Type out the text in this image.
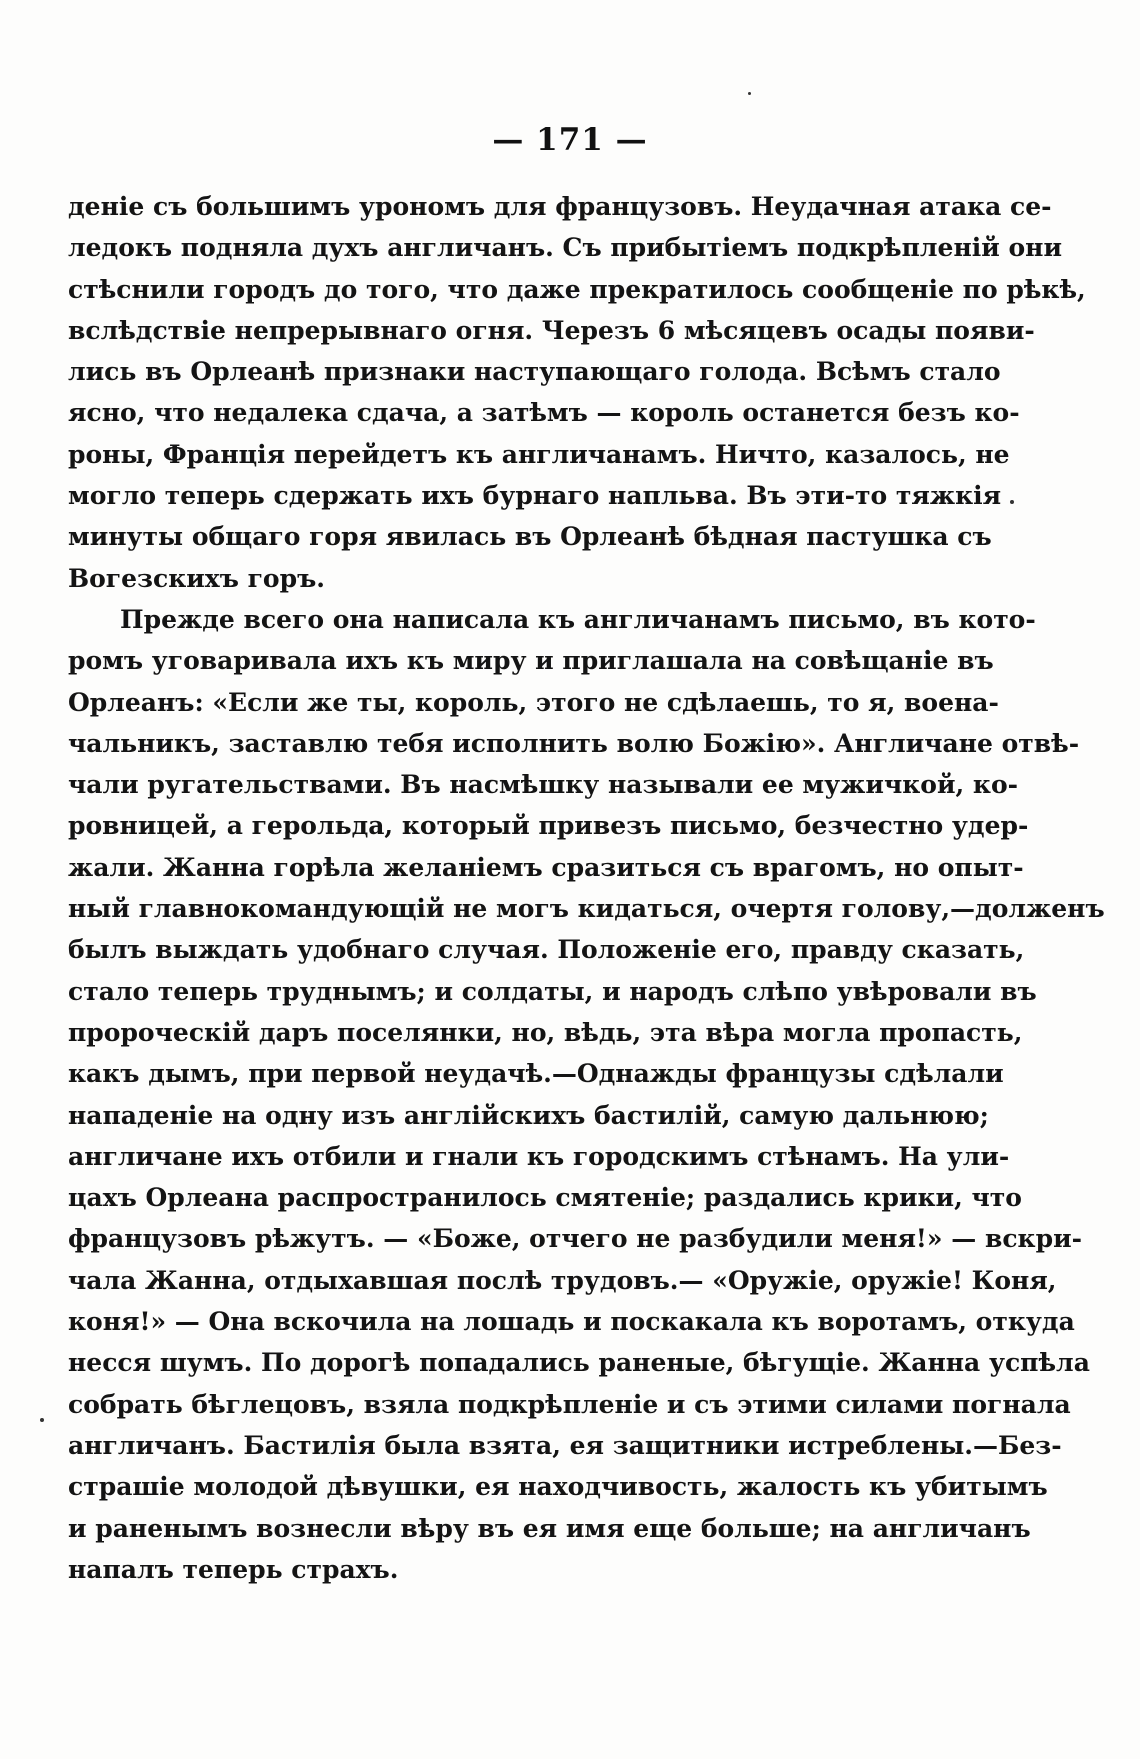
— 171 —
деніе съ большимъ урономъ для французовъ. Неудачная атака се-
ледокъ подняла духъ англичанъ. Съ прибытіемъ подкрѣпленій они
стѣснили городъ до того, что даже прекратилось сообщеніе по рѣкѣ,
вслѣдствіе непрерывнаго огня. Черезъ 6 мѣсяцевъ осады появи-
лись въ Орлеанѣ признаки наступающаго голода. Всѣмъ стало
ясно, что недалека сдача, а затѣмъ — король останется безъ ко-
роны, Франція перейдетъ къ англичанамъ. Ничто, казалось, не
могло теперь сдержать ихъ бурнаго напльва. Въ эти-то тяжкія
минуты общаго горя явилась въ Орлеанѣ бѣдная пастушка съ
Вогезскихъ горъ.
Прежде всего она написала къ англичанамъ письмо, въ кото-
ромъ уговаривала ихъ къ миру и приглашала на совѣщаніе въ
Орлеанъ: «Если же ты, король, этого не сдѣлаешь, то я, воена-
чальникъ, заставлю тебя исполнить волю Божію». Англичане отвѣ-
чали ругательствами. Въ насмѣшку называли ее мужичкой, ко-
ровницей, а герольда, который привезъ письмо, безчестно удер-
жали. Жанна горѣла желаніемъ сразиться съ врагомъ, но опыт-
ный главнокомандующій не могъ кидаться, очертя голову,—долженъ
былъ выждать удобнаго случая. Положеніе его, правду сказать,
стало теперь труднымъ; и солдаты, и народъ слѣпо увѣровали въ
пророческій даръ поселянки, но, вѣдь, эта вѣра могла пропасть,
какъ дымъ, при первой неудачѣ.—Однажды французы сдѣлали
нападеніе на одну изъ англійскихъ бастилій, самую дальнюю;
англичане ихъ отбили и гнали къ городскимъ стѣнамъ. На ули-
цахъ Орлеана распространилось смятеніе; раздались крики, что
французовъ рѣжутъ. — «Боже, отчего не разбудили меня!» — вскри-
чала Жанна, отдыхавшая послѣ трудовъ.— «Оружіе, оружіе! Коня,
коня!» — Она вскочила на лошадь и поскакала къ воротамъ, откуда
несся шумъ. По дорогѣ попадались раненые, бѣгущіе. Жанна успѣла
собрать бѣглецовъ, взяла подкрѣпленіе и съ этими силами погнала
англичанъ. Бастилія была взята, ея защитники истреблены.—Без-
страшіе молодой дѣвушки, ея находчивость, жалость къ убитымъ
и раненымъ вознесли вѣру въ ея имя еще больше; на англичанъ
напалъ теперь страхъ.
